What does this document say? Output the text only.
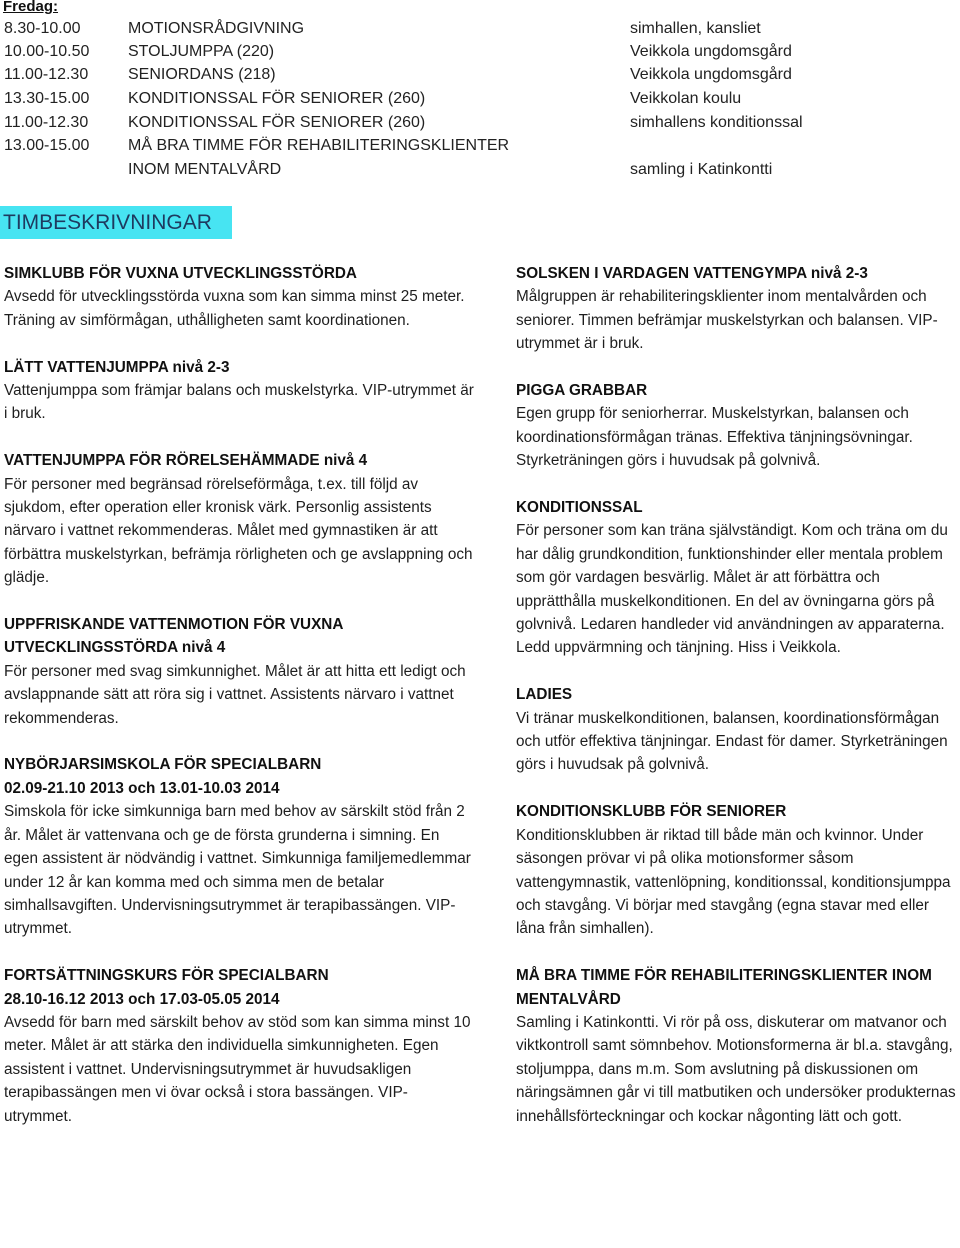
Fredag:
8.30-10.00	MOTIONSRÅDGIVNING	simhallen, kansliet
10.00-10.50 STOLJUMPPA (220)	Veikkola ungdomsgård
11.00-12.30 SENIORDANS (218)	Veikkola ungdomsgård
13.30-15.00 KONDITIONSSAL FÖR SENIORER (260)	Veikkolan koulu
11.00-12.30 KONDITIONSSAL FÖR SENIORER (260)	simhallens konditionssal
13.00-15.00 MÅ BRA TIMME FÖR REHABILITERINGSKLIENTER
INOM MENTALVÅRD	samling i Katinkontti
TIMBESKRIVNINGAR

SIMKLUBB FÖR VUXNA UTVECKLINGSSTÖRDA
Avsedd för utvecklingsstörda vuxna som kan simma minst 25 meter. Träning av simförmågan, uthålligheten samt koordinationen.

LÄTT VATTENJUMPPA nivå 2-3
Vattenjumppa som främjar balans och muskelstyrka. VIP-utrymmet är i bruk.

VATTENJUMPPA FÖR RÖRELSEHÄMMADE nivå 4
För personer med begränsad rörelseförmåga, t.ex. till följd av sjukdom, efter operation eller kronisk värk. Personlig assistents närvaro i vattnet rekommenderas. Målet med gymnastiken är att förbättra muskelstyrkan, befrämja rörligheten och ge avslappning och glädje.

UPPFRISKANDE VATTENMOTION FÖR VUXNA UTVECKLINGSSTÖRDA nivå 4
För personer med svag simkunnighet. Målet är att hitta ett ledigt och avslappnande sätt att röra sig i vattnet. Assistents närvaro i vattnet rekommenderas.

NYBÖRJARSIMSKOLA FÖR SPECIALBARN
02.09-21.10 2013 och 13.01-10.03 2014
Simskola för icke simkunniga barn med behov av särskilt stöd från 2 år. Målet är vattenvana och ge de första grunderna i simning. En egen assistent är nödvändig i vattnet. Simkunniga familjemedlemmar under 12 år kan komma med och simma men de betalar simhallsavgiften. Undervisningsutrymmet är terapibassängen. VIP-utrymmet.

FORTSÄTTNINGSKURS FÖR SPECIALBARN
28.10-16.12 2013 och 17.03-05.05 2014
Avsedd för barn med särskilt behov av stöd som kan simma minst 10 meter. Målet är att stärka den individuella simkunnigheten. Egen assistent i vattnet. Undervisningsutrymmet är huvudsakligen terapibassängen men vi övar också i stora bassängen. VIP-utrymmet.

SOLSKEN I VARDAGEN VATTENGYMPA nivå 2-3
Målgruppen är rehabiliteringsklienter inom mentalvården och seniorer. Timmen befrämjar muskelstyrkan och balansen. VIP-utrymmet är i bruk.

PIGGA GRABBAR
Egen grupp för seniorherrar. Muskelstyrkan, balansen och koordinationsförmågan tränas. Effektiva tänjningsövningar. Styrketräningen görs i huvudsak på golvnivå.

KONDITIONSSAL
För personer som kan träna självständigt. Kom och träna om du har dålig grundkondition, funktionshinder eller mentala problem som gör vardagen besvärlig. Målet är att förbättra och upprätthålla muskelkonditionen. En del av övningarna görs på golvnivå. Ledaren handleder vid användningen av apparaterna. Ledd uppvärmning och tänjning. Hiss i Veikkola.

LADIES
Vi tränar muskelkonditionen, balansen, koordinationsförmågan och utför effektiva tänjningar. Endast för damer. Styrketräningen görs i huvudsak på golvnivå.

KONDITIONSKLUBB FÖR SENIORER
Konditionsklubben är riktad till både män och kvinnor. Under säsongen prövar vi på olika motionsformer såsom vattengymnastik, vattenlöpning, konditionssal, konditionsjumppa och stavgång. Vi börjar med stavgång (egna stavar med eller låna från simhallen).

MÅ BRA TIMME FÖR REHABILITERINGSKLIENTER INOM MENTALVÅRD
Samling i Katinkontti. Vi rör på oss, diskuterar om matvanor och viktkontroll samt sömnbehov. Motionsformerna är bl.a. stavgång, stoljumppa, dans m.m. Som avslutning på diskussionen om näringsämnen går vi till matbutiken och undersöker produkternas innehållsförteckningar och kockar någonting lätt och gott.
